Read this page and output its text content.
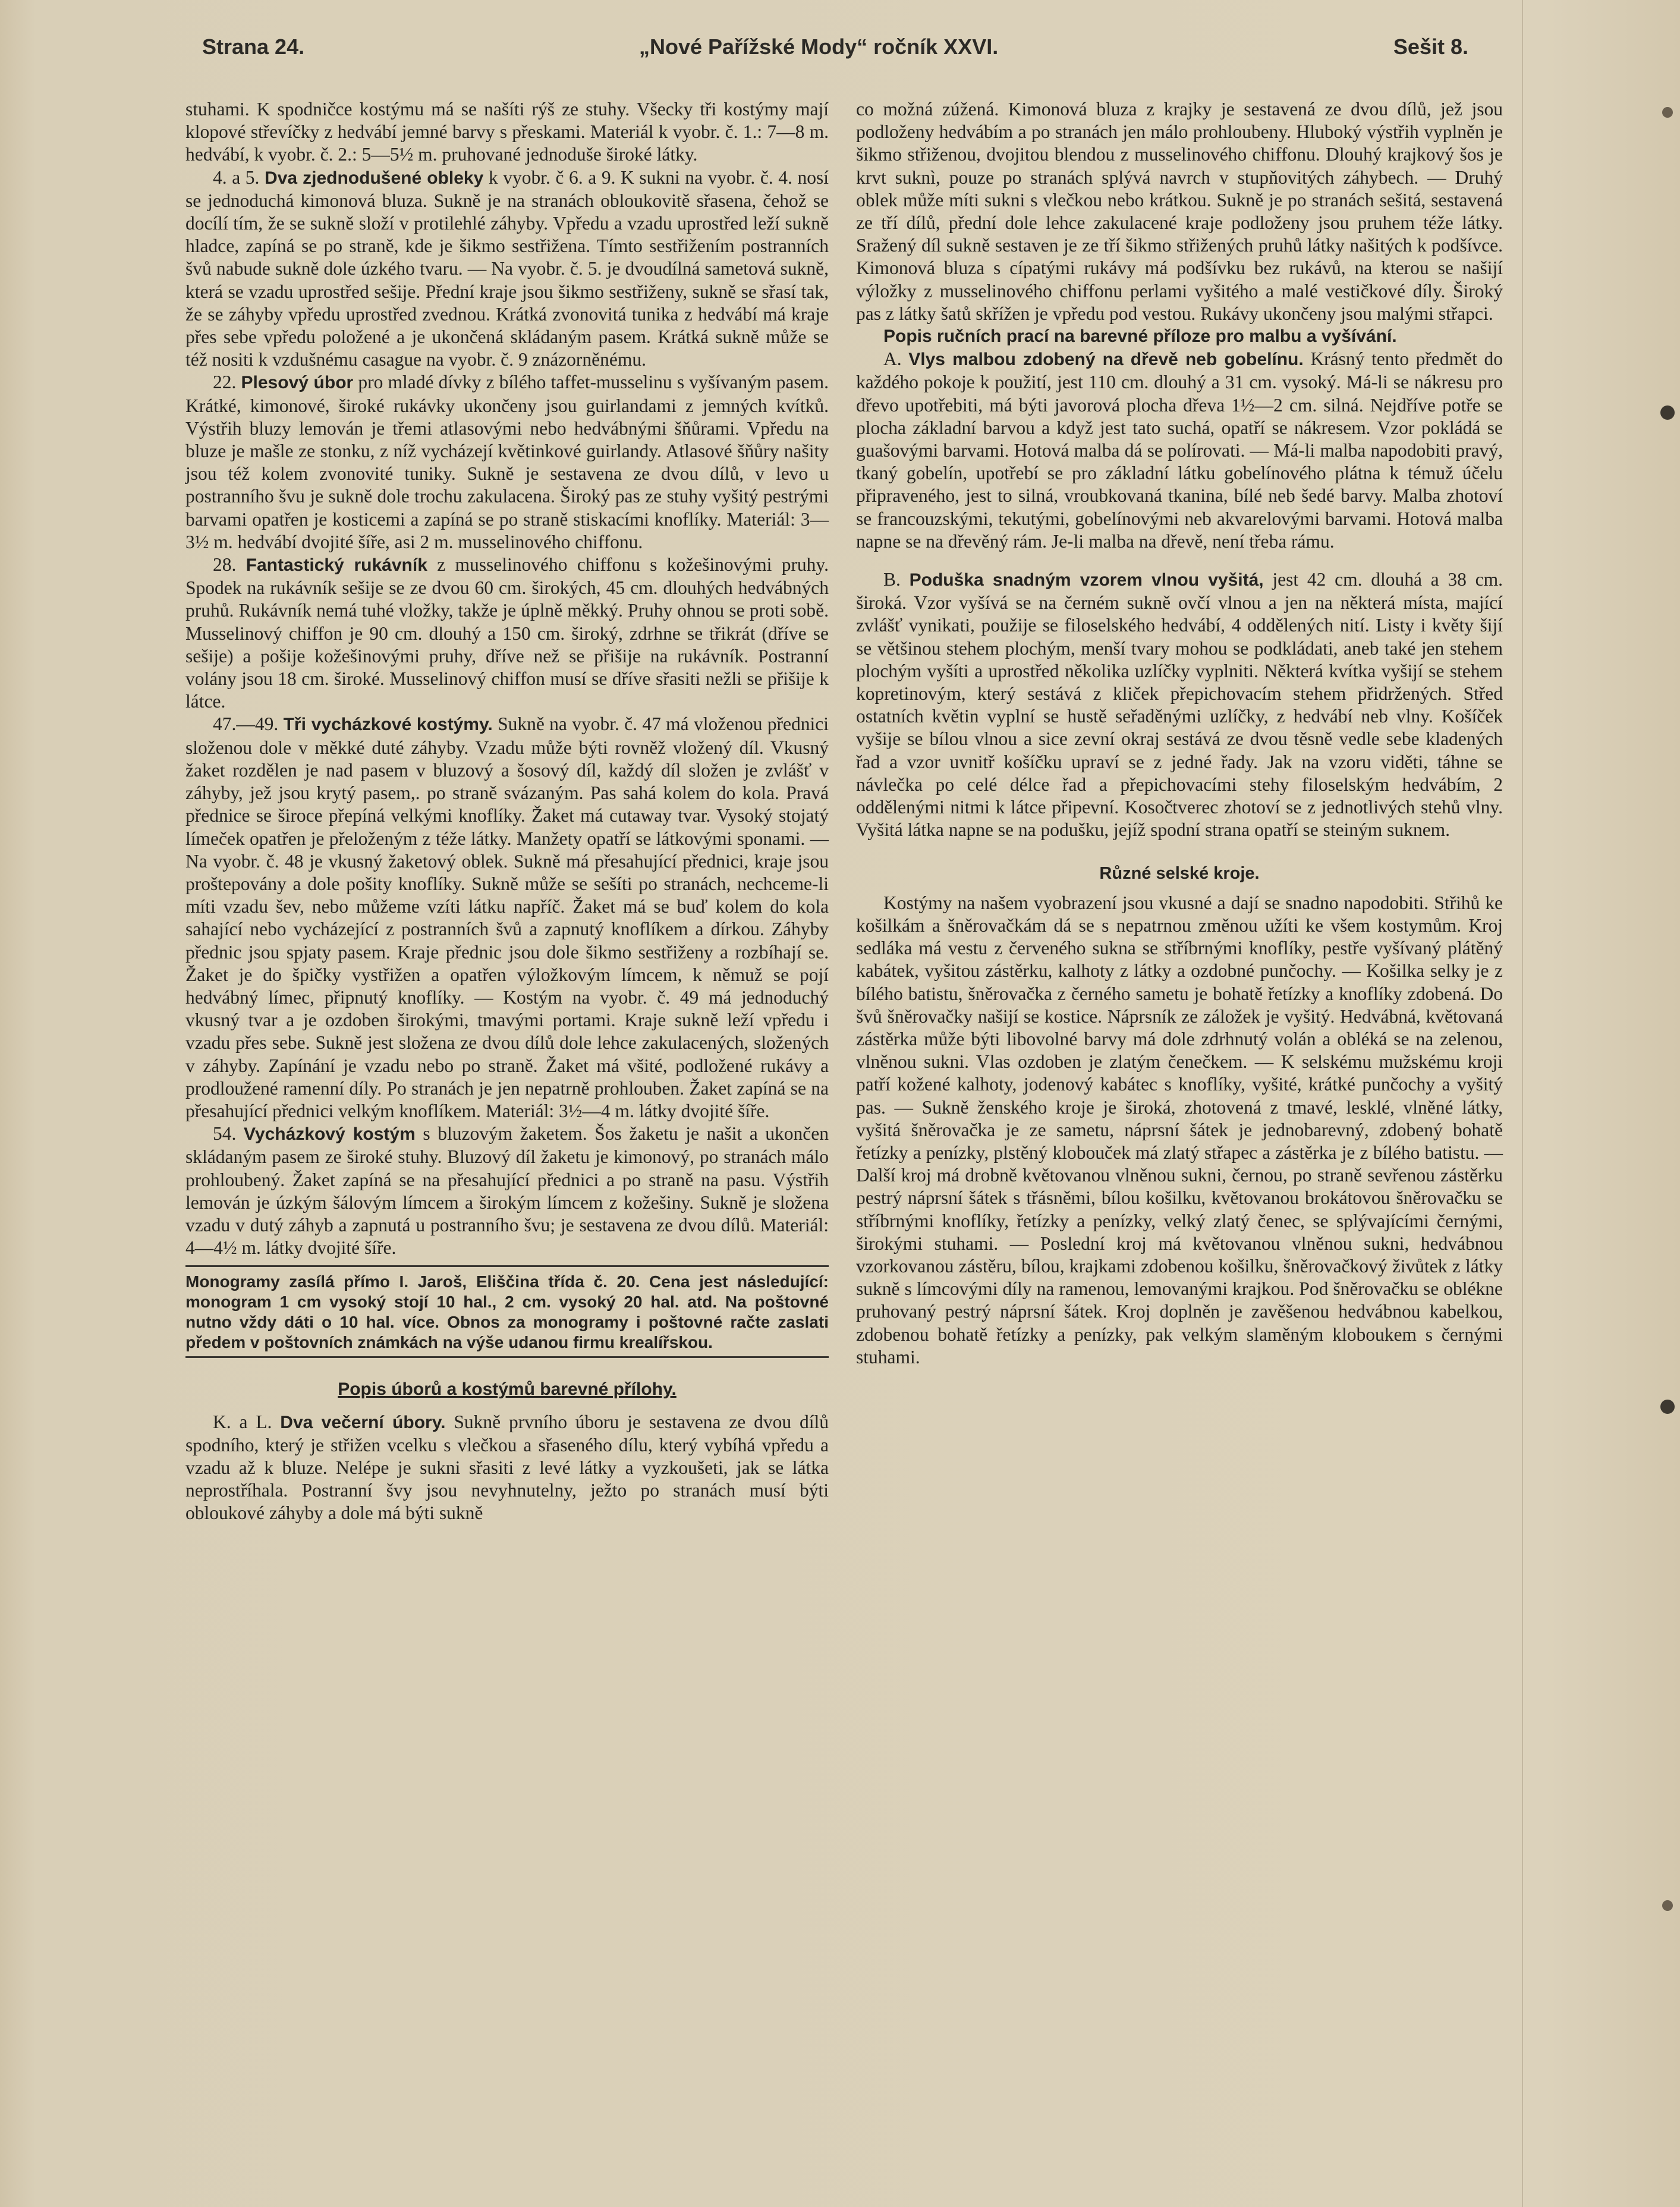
Strana 24.	„Nové Pařížské Mody“ ročník XXVI.	Sešit 8.

stuhami. K spodničce kostýmu má se našíti rýš ze stuhy. Všecky tři kostýmy mají klopové střevíčky z hedvábí jemné barvy s přeskami. Materiál k vyobr. č. 1.: 7—8 m. hedvábí, k vyobr. č. 2.: 5—5½ m. pruhované jednoduše široké látky.

4. a 5. Dva zjednodušené obleky k vyobr. č 6. a 9. K sukni na vyobr. č. 4. nosí se jednoduchá kimonová bluza. Sukně je na stranách obloukovitě sřasena, čehož se docílí tím, že se sukně složí v protilehlé záhyby. Vpředu a vzadu uprostřed leží sukně hladce, zapíná se po straně, kde je šikmo sestřižena. Tímto sestřižením postranních švů nabude sukně dole úzkého tvaru. — Na vyobr. č. 5. je dvoudílná sametová sukně, která se vzadu uprostřed sešije. Přední kraje jsou šikmo sestřiženy, sukně se sřasí tak, že se záhyby vpředu uprostřed zvednou. Krátká zvonovitá tunika z hedvábí má kraje přes sebe vpředu položené a je ukončená skládaným pasem. Krátká sukně může se též nositi k vzdušnému casague na vyobr. č. 9 znázorněnému.

22. Plesový úbor pro mladé dívky z bílého taffet-musselinu s vyšívaným pasem. Krátké, kimonové, široké rukávky ukončeny jsou guirlandami z jemných kvítků. Výstřih bluzy lemován je třemi atlasovými nebo hedvábnými šňůrami. Vpředu na bluze je mašle ze stonku, z níž vycházejí květinkové guirlandy. Atlasové šňůry našity jsou též kolem zvonovité tuniky. Sukně je sestavena ze dvou dílů, v levo u postranního švu je sukně dole trochu zakulacena. Široký pas ze stuhy vyšitý pestrými barvami opatřen je kosticemi a zapíná se po straně stiskacími knoflíky. Materiál: 3—3½ m. hedvábí dvojité šíře, asi 2 m. musselinového chiffonu.

28. Fantastický rukávník z musselinového chiffonu s kožešinovými pruhy. Spodek na rukávník sešije se ze dvou 60 cm. širokých, 45 cm. dlouhých hedvábných pruhů. Rukávník nemá tuhé vložky, takže je úplně měkký. Pruhy ohnou se proti sobě. Musselinový chiffon je 90 cm. dlouhý a 150 cm. široký, zdrhne se třikrát (dříve se sešije) a pošije kožešinovými pruhy, dříve než se přišije na rukávník. Postranní volány jsou 18 cm. široké. Musselinový chiffon musí se dříve sřasiti nežli se přišije k látce.

47.—49. Tři vycházkové kostýmy. Sukně na vyobr. č. 47 má vloženou přednici složenou dole v měkké duté záhyby. Vzadu může býti rovněž vložený díl. Vkusný žaket rozdělen je nad pasem v bluzový a šosový díl, každý díl složen je zvlášť v záhyby, jež jsou krytý pasem,. po straně svázaným. Pas sahá kolem do kola. Pravá přednice se široce přepíná velkými knoflíky. Žaket má cutaway tvar. Vysoký stojatý límeček opatřen je přeloženým z téže látky. Manžety opatří se látkovými sponami. — Na vyobr. č. 48 je vkusný žaketový oblek. Sukně má přesahující přednici, kraje jsou proštepovány a dole pošity knoflíky. Sukně může se sešíti po stranách, nechceme-li míti vzadu šev, nebo můžeme vzíti látku napříč. Žaket má se buď kolem do kola sahající nebo vycházející z postranních švů a zapnutý knoflíkem a dírkou. Záhyby přednic jsou spjaty pasem. Kraje přednic jsou dole šikmo sestřiženy a rozbíhají se. Žaket je do špičky vystřižen a opatřen výložkovým límcem, k němuž se pojí hedvábný límec, připnutý knoflíky. — Kostým na vyobr. č. 49 má jednoduchý vkusný tvar a je ozdoben širokými, tmavými portami. Kraje sukně leží vpředu i vzadu přes sebe. Sukně jest složena ze dvou dílů dole lehce zakulacených, složených v záhyby. Zapínání je vzadu nebo po straně. Žaket má všité, podložené rukávy a prodloužené ramenní díly. Po stranách je jen nepatrně prohlouben. Žaket zapíná se na přesahující přednici velkým knoflíkem. Materiál: 3½—4 m. látky dvojité šíře.

54. Vycházkový kostým s bluzovým žaketem. Šos žaketu je našit a ukončen skládaným pasem ze široké stuhy. Bluzový díl žaketu je kimonový, po stranách málo prohloubený. Žaket zapíná se na přesahující přednici a po straně na pasu. Výstřih lemován je úzkým šálovým límcem a širokým límcem z kožešiny. Sukně je složena vzadu v dutý záhyb a zapnutá u postranního švu; je sestavena ze dvou dílů. Materiál: 4—4½ m. látky dvojité šíře.

Monogramy zasílá přímo I. Jaroš, Eliščina třída č. 20. Cena jest následující: monogram 1 cm vysoký stojí 10 hal., 2 cm. vysoký 20 hal. atd. Na poštovné nutno vždy dáti o 10 hal. více. Obnos za monogramy i poštovné račte zaslati předem v poštovních známkách na výše udanou firmu krealířskou.
Popis úborů a kostýmů barevné přílohy.

K. a L. Dva večerní úbory. Sukně prvního úboru je sestavena ze dvou dílů spodního, který je střižen vcelku s vlečkou a sřaseného dílu, který vybíhá vpředu a vzadu až k bluze. Nelépe je sukni sřasiti z levé látky a vyzkoušeti, jak se látka neprostříhala. Postranní švy jsou nevyhnutelny, ježto po stranách musí býti obloukové záhyby a dole má býti sukně

co možná zúžená. Kimonová bluza z krajky je sestavená ze dvou dílů, jež jsou podloženy hedvábím a po stranách jen málo prohloubeny. Hluboký výstřih vyplněn je šikmo střiženou, dvojitou blendou z musselinového chiffonu. Dlouhý krajkový šos je krvt suknì, pouze po stranách splývá navrch v stupňovitých záhybech. — Druhý oblek může míti sukni s vlečkou nebo krátkou. Sukně je po stranách sešitá, sestavená ze tří dílů, přední dole lehce zakulacené kraje podloženy jsou pruhem téže látky. Sražený díl sukně sestaven je ze tří šikmo střižených pruhů látky našitých k podšívce. Kimonová bluza s cípatými rukávy má podšívku bez rukávů, na kterou se našijí výložky z musselinového chiffonu perlami vyšitého a malé vestičkové díly. Široký pas z látky šatů skřížen je vpředu pod vestou. Rukávy ukončeny jsou malými střapci.

Popis ručních prací na barevné příloze pro malbu a vyšívání.

A. Vlys malbou zdobený na dřevě neb gobelínu. Krásný tento předmět do každého pokoje k použití, jest 110 cm. dlouhý a 31 cm. vysoký. Má-li se nákresu pro dřevo upotřebiti, má býti javorová plocha dřeva 1½—2 cm. silná. Nejdříve potře se plocha základní barvou a když jest tato suchá, opatří se nákresem. Vzor pokládá se guašovými barvami. Hotová malba dá se polírovati. — Má-li malba napodobiti pravý, tkaný gobelín, upotřebí se pro základní látku gobelínového plátna k témuž účelu připraveného, jest to silná, vroubkovaná tkanina, bílé neb šedé barvy. Malba zhotoví se francouzskými, tekutými, gobelínovými neb akvarelovými barvami. Hotová malba napne se na dřevěný rám. Je-li malba na dřevě, není třeba rámu.

B. Poduška snadným vzorem vlnou vyšitá, jest 42 cm. dlouhá a 38 cm. široká. Vzor vyšívá se na černém sukně ovčí vlnou a jen na některá místa, mající zvlášť vynikati, použije se filoselského hedvábí, 4 oddělených nití. Listy i květy šijí se většinou stehem plochým, menší tvary mohou se podkládati, aneb také jen stehem plochým vyšíti a uprostřed několika uzlíčky vyplniti. Některá kvítka vyšijí se stehem kopretinovým, který sestává z kliček přepichovacím stehem přidržených. Střed ostatních květin vyplní se hustě seřaděnými uzlíčky, z hedvábí neb vlny. Košíček vyšije se bílou vlnou a sice zevní okraj sestává ze dvou těsně vedle sebe kladených řad a vzor uvnitř košíčku upraví se z jedné řady. Jak na vzoru viděti, táhne se návlečka po celé délce řad a přepichovacími stehy filoselským hedvábím, 2 oddělenými nitmi k látce připevní. Kosočtverec zhotoví se z jednotlivých stehů vlny. Vyšitá látka napne se na podušku, jejíž spodní strana opatří se steiným suknem.

Různé selské kroje.

Kostýmy na našem vyobrazení jsou vkusné a dají se snadno napodobiti. Střihů ke košilkám a šněrovačkám dá se s nepatrnou změnou užíti ke všem kostymům. Kroj sedláka má vestu z červeného sukna se stříbrnými knoflíky, pestře vyšívaný plátěný kabátek, vyšitou zástěrku, kalhoty z látky a ozdobné punčochy. — Košilka selky je z bílého batistu, šněrovačka z černého sametu je bohatě řetízky a knoflíky zdobená. Do švů šněrovačky našijí se kostice. Náprsník ze záložek je vyšitý. Hedvábná, květovaná zástěrka může býti libovolné barvy má dole zdrhnutý volán a obléká se na zelenou, vlněnou sukni. Vlas ozdoben je zlatým čenečkem. — K selskému mužskému kroji patří kožené kalhoty, jodenový kabátec s knoflíky, vyšité, krátké punčochy a vyšitý pas. — Sukně ženského kroje je široká, zhotovená z tmavé, lesklé, vlněné látky, vyšitá šněrovačka je ze sametu, náprsní šátek je jednobarevný, zdobený bohatě řetízky a penízky, plstěný klobouček má zlatý střapec a zástěrka je z bílého batistu. — Další kroj má drobně květovanou vlněnou sukni, černou, po straně sevřenou zástěrku pestrý náprsní šátek s třásněmi, bílou košilku, květovanou brokátovou šněrovačku se stříbrnými knoflíky, řetízky a penízky, velký zlatý čenec, se splývajícími černými, širokými stuhami. — Poslední kroj má květovanou vlněnou sukni, hedvábnou vzorkovanou zástěru, bílou, krajkami zdobenou košilku, šněrovačkový živůtek z látky sukně s límcovými díly na ramenou, lemovanými krajkou. Pod šněrovačku se oblékne pruhovaný pestrý náprsní šátek. Kroj doplněn je zavěšenou hedvábnou kabelkou, zdobenou bohatě řetízky a penízky, pak velkým slaměným kloboukem s černými stuhami.
